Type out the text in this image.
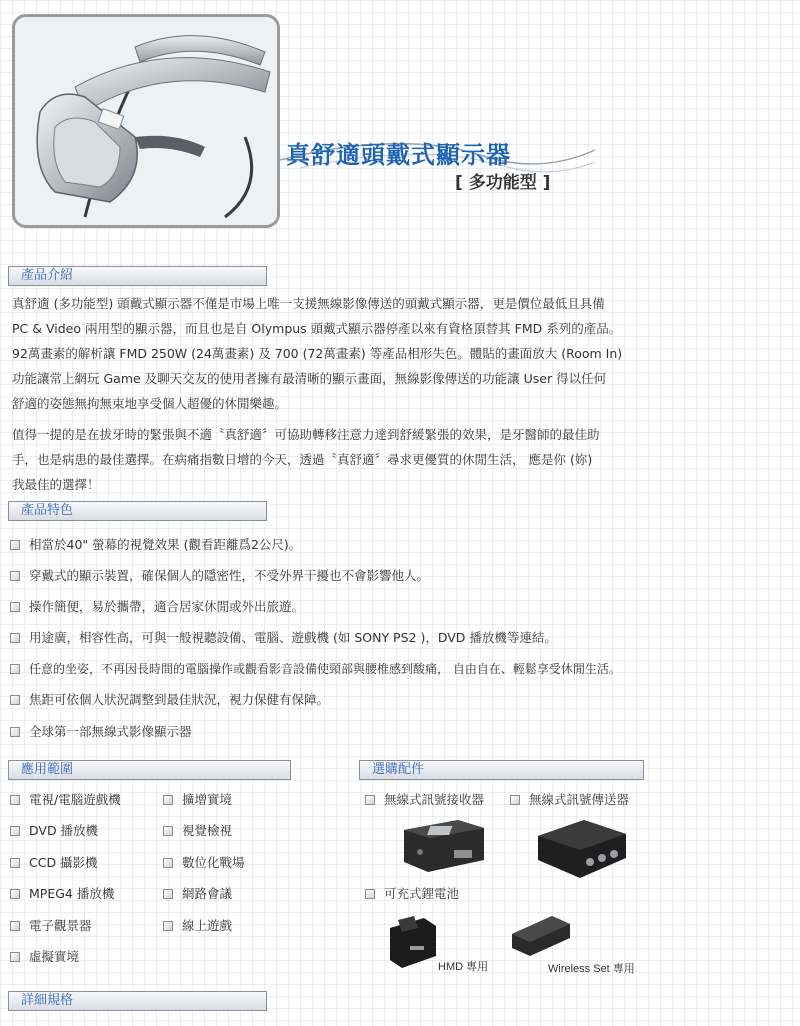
真舒適頭戴式顯示器
[ 多功能型 ]
產品介紹
真舒適 (多功能型) 頭戴式顯示器不僅是市場上唯一支援無線影像傳送的頭戴式顯示器，更是價位最低且具備
PC & Video 兩用型的顯示器，而且也是自 Olympus 頭戴式顯示器停產以來有資格頂替其 FMD 系列的產品。
92萬畫素的解析讓 FMD 250W (24萬畫素) 及 700 (72萬畫素) 等產品相形失色。體貼的畫面放大 (Room In)
功能讓常上網玩 Game 及聊天交友的使用者擁有最清晰的顯示畫面，無線影像傳送的功能讓 User 得以任何
舒適的姿態無拘無束地享受個人超優的休閒樂趣。
值得一提的是在拔牙時的緊張與不適〝真舒適〞可協助轉移注意力達到舒緩緊張的效果，是牙醫師的最佳助
手，也是病患的最佳選擇。在病痛指數日增的今天，透過〝真舒適〞尋求更優質的休閒生活， 應是你 (妳)
我最佳的選擇！
產品特色
相當於40" 螢幕的視覺效果 (觀看距離爲2公尺)。
穿戴式的顯示裝置，確保個人的隱密性，不受外界干擾也不會影響他人。
操作簡便，易於攜帶，適合居家休閒或外出旅遊。
用途廣，相容性高，可與一般視聽設備、電腦、遊戲機 (如 SONY PS2 )，DVD 播放機等連結。
任意的坐姿，不再因長時間的電腦操作或觀看影音設備使頸部與腰椎感到酸痛， 自由自在、輕鬆享受休閒生活。
焦距可依個人狀況調整到最佳狀況，視力保健有保障。
全球第一部無線式影像顯示器
應用範圍
電視/電腦遊戲機
DVD 播放機
CCD 攝影機
MPEG4 播放機
電子觀景器
虛擬實境
擴增實境
視覺檢視
數位化戰場
網路會議
線上遊戲
選購配件
無線式訊號接收器	無線式訊號傳送器
可充式鋰電池
HMD 專用	Wireless Set 專用
詳細規格
